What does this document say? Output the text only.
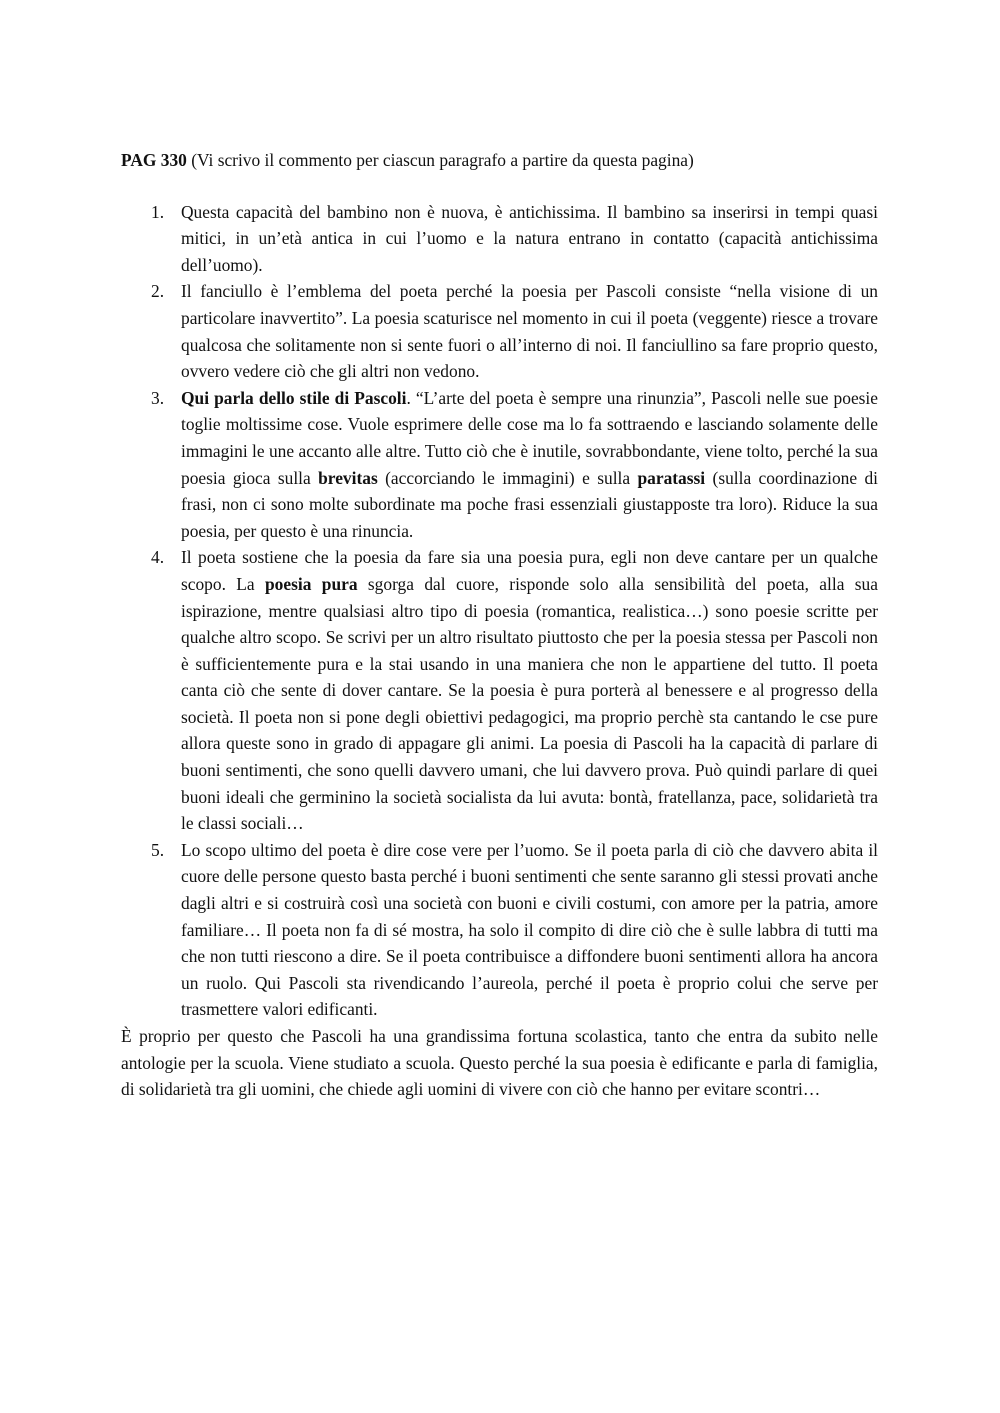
PAG 330 (Vi scrivo il commento per ciascun paragrafo a partire da questa pagina)

1. Questa capacità del bambino non è nuova, è antichissima. Il bambino sa inserirsi in tempi quasi mitici, in un’età antica in cui l’uomo e la natura entrano in contatto (capacità antichissima dell’uomo).
2. Il fanciullo è l’emblema del poeta perché la poesia per Pascoli consiste “nella visione di un particolare inavvertito”. La poesia scaturisce nel momento in cui il poeta (veggente) riesce a trovare qualcosa che solitamente non si sente fuori o all’interno di noi. Il fanciullino sa fare proprio questo, ovvero vedere ciò che gli altri non vedono.
3. Qui parla dello stile di Pascoli. “L’arte del poeta è sempre una rinunzia”, Pascoli nelle sue poesie toglie moltissime cose. Vuole esprimere delle cose ma lo fa sottraendo e lasciando solamente delle immagini le une accanto alle altre. Tutto ciò che è inutile, sovrabbondante, viene tolto, perché la sua poesia gioca sulla brevitas (accorciando le immagini) e sulla paratassi (sulla coordinazione di frasi, non ci sono molte subordinate ma poche frasi essenziali giustapposte tra loro). Riduce la sua poesia, per questo è una rinuncia.
4. Il poeta sostiene che la poesia da fare sia una poesia pura, egli non deve cantare per un qualche scopo. La poesia pura sgorga dal cuore, risponde solo alla sensibilità del poeta, alla sua ispirazione, mentre qualsiasi altro tipo di poesia (romantica, realistica…) sono poesie scritte per qualche altro scopo. Se scrivi per un altro risultato piuttosto che per la poesia stessa per Pascoli non è sufficientemente pura e la stai usando in una maniera che non le appartiene del tutto. Il poeta canta ciò che sente di dover cantare. Se la poesia è pura porterà al benessere e al progresso della società. Il poeta non si pone degli obiettivi pedagogici, ma proprio perchè sta cantando le cse pure allora queste sono in grado di appagare gli animi. La poesia di Pascoli ha la capacità di parlare di buoni sentimenti, che sono quelli davvero umani, che lui davvero prova. Può quindi parlare di quei buoni ideali che germinino la società socialista da lui avuta: bontà, fratellanza, pace, solidarietà tra le classi sociali…
5. Lo scopo ultimo del poeta è dire cose vere per l’uomo. Se il poeta parla di ciò che davvero abita il cuore delle persone questo basta perché i buoni sentimenti che sente saranno gli stessi provati anche dagli altri e si costruirà così una società con buoni e civili costumi, con amore per la patria, amore familiare… Il poeta non fa di sé mostra, ha solo il compito di dire ciò che è sulle labbra di tutti ma che non tutti riescono a dire. Se il poeta contribuisce a diffondere buoni sentimenti allora ha ancora un ruolo. Qui Pascoli sta rivendicando l’aureola, perché il poeta è proprio colui che serve per trasmettere valori edificanti.

È proprio per questo che Pascoli ha una grandissima fortuna scolastica, tanto che entra da subito nelle antologie per la scuola. Viene studiato a scuola. Questo perché la sua poesia è edificante e parla di famiglia, di solidarietà tra gli uomini, che chiede agli uomini di vivere con ciò che hanno per evitare scontri…
